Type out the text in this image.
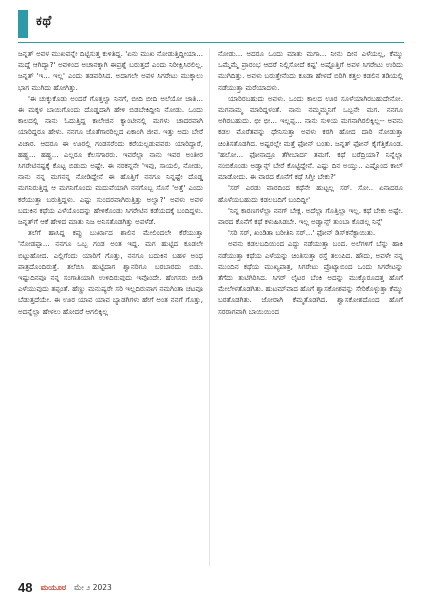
ಕಥೆ

ಜನ್ನತ್‌ ಅವಳ ಮುಖವನ್ನೇ ದಿಟ್ಟಿಸುತ್ತ ಕುಳಿತಿದ್ದ. 'ಏನು ಮುಖ ನೋಡುತ್ತಿದ್ದೀಯಾ... ಮದ್ದೆ ಆಗಿದ್ಯಾ?' ಅವಳಿಂದ ಅಚಾನಕ್ಕಾಗಿ ಈಪ್ರಶ್ನೆ ಬರುತ್ತದೆ ಎಂದು ನಿರೀಕ್ಷಿಸಿರಲಿಲ್ಲ. ಜನ್ನತ್‌ 'ಇ... ಇಲ್ಲ' ಎಂದು ತಡವರಿಸಿದ. ಅದಾಗಲೇ ಅವಳ ಸಿಗರೇಟು ಮುಕ್ಕಾಲು ಭಾಗ ಮುಗಿದು ಹೋಗಿತ್ತು.

'ಈ ಚುಕ್ಕುಕೊಡು ಅಂದರೆ ಗೊತ್ತಲ್ವಾ ನಿನಗೆ, ಬೀದಿ ಬೀದಿ ಅಲೆಯೋ ಜಾತಿ... ಈ ಮಕ್ಕಳ ಬಾಯಿಗೊಂದು ದೊಡ್ಡದಾಗಿ ಹೇಳಿ ಬಿಡಬೇಕಿದ್ದೀನಿ ನೋಡು. ಒಂದು ಕಾಲದಲ್ಲಿ ನಾನು ಓದುತ್ತಿದ್ದ ಕಾಲೇಜಿನ ಕ್ಯಾಂಟೀನಲ್ಲಿ ಮಗಳು ಚಾದರವಾಗಿ ಯಾರಿದ್ದರೂ ಹೇಳು. ನನಗೂ ಜೊತೆಗಾರರಿಲ್ಲದ ಏಕಾಂಗಿ ಜೀವ. ಇತ್ತು ಅದು ಬೇರೆ ವಿಚಾರ. ಆದರೂ ಈ ಊರಲ್ಲಿ ಗಂಡಸರೆಂದು ಕರೆಯಲ್ಪಡುವವರು ಯಾರಿದ್ದಾರೆ, ಹಹ್ಹ... ಹಹ್ಹ... ಎಲ್ಲರೂ ಕೆಲಸಗಾರರು. ಇವರೆಲ್ಲಾ ನಾನು ಇವರ ಅಂತೀರ ಸಿಗರೇಟಿನಷ್ಟಕ್ಕೆ ಕೊಟ್ಟ ಬಿಡುದು ಅಷ್ಟೇ. ಈ ನರಕನ್ನನೇ 'ಇವು, ಸಾಯಲಿ, ನೋಡು, ನಾನು ನನ್ನ ಮಗನನ್ನ ನೋಡಿದ್ದೇನೆ ಈ ಹೊತ್ತಿಗೆ ನನಗೂ ನಿನ್ನಷ್ಟೇ ದೊಡ್ಡ ಮಗನಿರುತ್ತಿದ್ದ ಆ ಮಗನಿಗೊಂದು ಮದುವೆಯಾಗಿ ನನಗೊಬ್ಬ ಸೊಸೆ 'ಅತ್ತೆ' ಎಂದು ಕರೆಯುತ್ತಾ ಬರುತ್ತಿದ್ದಳು. ಎಷ್ಟು ಸುಂದರವಾಗಿರುತ್ತಿತ್ತು ಅಲ್ವಾ?' ಅವಳು ಅವಳ ಬದುಕಿನ ಕಥೆಯ ಎಳೆಯೊಂದನ್ನು ಹೇಳಿಕೊಂಡು ಸಿಗರೇಟಿನ ಕಡೆಯದಕ್ಕೆ ಬಂದಿದ್ದಳು. ಜನ್ನತ್‌ಗೆ ಆಕೆ ಹೇಳಿದ ಮಾತು ನಿಜ ಅನಿಸತೊಡಗಿತ್ತು ಅವಳೆಡೆ.

ತಲೆಗೆ ಹಾಸಿದ್ದ ಕಪ್ಪು ಬುರ್ಖಾದ ಶಾಲಿನ ಮೇಲಿಂದಲೇ ಕೆರೆಯುತ್ತಾ 'ನೋಡಪ್ಪಾ... ನನಗೂ ಒಬ್ಬ ಗಂಡ ಅಂತ ಇದ್ದ. ಮಗ ಹುಟ್ಟಿದ ಕೂಡಲೇ ಬಿಟ್ಟುಹೋದ. ಎಲ್ಲಿಗೆಂದು ಯಾರಿಗೆ ಗೊತ್ತು, ನನಗೂ ಬದುಕಿನ ಬಹಳ ಅಂಧ ಪಾತ್ರದೊಂದಿರುತ್ತೆ. ತಲೆಬಿಸಿ ಹುಟ್ಟಿದಾಗ ಶ್ವಾನರಿಗೂ ಬರಬಾರದು ಬಿಡು. ಇಷ್ಟುದಿನವೂ ನನ್ನ ಸಂಗಾತಿಯಾಗಿ ಉಳಿದಿರುವುದು ಇವೊಂದೇ. ಹೆಂಗಸರು ಬೀಡಿ ಎಳೆಯುವುದು ತಪ್ಪಂತೆ. ಹೆಣ್ಣು ಮನುಷ್ಯರೇ ಸರಿ ಇಲ್ಲದಿರುವಾಗ ನಮಗಿಂತಾ ಚಟವೂ ಬೆಡುತ್ತದೆಯೇ. ಈ ಊರ ಯಾವ ಯಾವ ಬ್ಯಾಡಗಿಗಳು ಹೇಗೆ ಅಂತ ನನಗೆ ಗೊತ್ತು, ಅದನ್ನೆಲ್ಲಾ ಹೇಳಲು ಹೋದರೆ ಆಗಲಿಕ್ಕಿಲ್ಲ

ನೋಡು... ಅದರೂ ಒಂದು ಮಾತು ಮಗಾ... ನೀನು ದೀನ ಎಳೆಯಲ್ಲ, ಕೆಮ್ಮು ಒಮ್ಮೆಮ್ಮೆ ಪ್ರಾರಂಭ ಆದರೆ ನಿಲ್ಲಿಸೋದೆ ಕಷ್ಟ' ಅಷ್ಟೊತ್ತಿಗೆ ಅವಳ ಸಿಗರೇಟು ಉರಿದು ಮುಗಿದಿತ್ತು. ಅವಳು ಬರುತ್ತೇನೆಂದು ಕೂಡಾ ಹೇಳದೆ ಬಿರಿಗಿ ಕತ್ತಲ ಕಡಲಿನ ತಡಿಯಲ್ಲಿ ನಡೆಯುತ್ತಾ ಮರೆಯಾದಳು.

ಯಾರಿರಬಹುದು ಅವಳು. ಒಂದು ಕಾಲದ ಊರ ಸೂಳೆಯಾಗಿರಬಹುದೇನೋ. ಮಗನಾಮ್ಮ ಮಾರಿದ್ದಳಂತೆ. ನಾನು ನಮ್ಮಮ್ಮನಿಗೆ ಒಬ್ಬನೇ ಮಗ. ನನಗೂ ಅಗಿರಬಹುದು. ಛೀ ಛೀ... ಇಲ್ಲಪ್ಪ... ನಾನು ಸುಳಿಯ ಮಗನಾಗಿರಲಿಕ್ಕಿಲ್ಲ-- ಅವನು ಕಡಲ ಮೊರೆತವನ್ನು ಧೇನಿಸುತ್ತಾ ಅವಳು ಕರಗಿ ಹೋದ ದಾರಿ ನೋಡುತ್ತಾ ಚಿಂತಿಸತೊಡಗಿದ. ಅಷ್ಟರಲ್ಲೇ ಮತ್ತೆ ಫೋನ್ ಬಂತು. ಜನ್ನತ್‌ ಫೋನ್ ಕೈಗೆತ್ತಿಕೊಂಡ. 'ಹಲೋ... ಫೋನಾದ್ರೂ ತೆಗೀಬಾರ್ದ ತಮಗೆ. ಕಥೆ ಬರೆದ್ರಿಯಾ? ನಿನ್ನೆಲ್ಲಾ ನಂಬಿಕೊಂಡು ಅಡ್ವಾನ್ಸ್ ಬೇರೆ ಕೊಟ್ಟಿದ್ದೇನೆ. ಎಷ್ಟು ದಿನ ಅಯ್ತು.. ಎಷ್ಟೊಂದ ಕಾಲ್ ಮಾಡೋದು. ಈ ವಾರದ ಕೊನೆಗೆ ಕಥೆ ಸಿಗ್ತೀ ಬೇಕು?'

'ಸರ್ ಎರಡು ವಾರದಿಂದ ಕಥೆನೇ ಹುಟ್ಟಲ್ಲ ಸರ್. ಸೋ.. ಏನಾದರೂ ಹೊಳೆಯಬಹುದು ಕಡಲಬದಿಗೆ ಬಂದಿದ್ದೀ'

'ನಿನ್ನ ಕಾರಣಗಳೆಲ್ಲಾ ನನಗ್ ಬೇಕ್ಲ. ಅದೆಲ್ಲಾ ಗೊತ್ತಿಲ್ಲಾ ಇಲ್ಲ. ಕಥೆ ಬೇಕು ಅಷ್ಟೇ. ವಾರದ ಕೊನೆಗೆ ಕಥೆ ಕಳುಹಿಸಿಡಬೇ. ಇಲ್ಲ ಅಡ್ವಾನ್ಸ್ ತುಂಬಾ ಕೊಡಲ್ಲ ನಿನ್ಗೆ'

'ಸರಿ ಸರ್, ಖಂಡಿತಾ ಬರೀತಿನಿ ಸರ್...' ಫೋನ್ ಡಿಸ್‌ಕನೆಕ್ಟಾಯಿತು.

ಅವನು ಕಡಲಬದಿಯಿಂದ ಎದ್ದು ನಡೆಯುತ್ತಾ ಬಂದ. ಅಲೆಗಳಿಗೆ ಬೆನ್ನು ಹಾಕಿ ನಡೆಯುತ್ತಾ ಕಥೆಯ ಎಳೆಯನ್ನು ಚಿಂತಿಸುತ್ತಾ ರಸ್ತೆ ತಲುಪಿದ. ಹೌದು, ಅವಳೇ ನನ್ನ ಮುಂದಿನ ಕಥೆಯ ಮುಖ್ಯಪಾತ್ರ, ಸಿಗರೇಟು ಪ್ರೊಟ್ಯಾಬಿಂದ ಒಂದು ಸಿಗರೇಟನ್ನು ತೆಗೆದು ತುಟಿಗಿರಿಸಿದ. ಸಿಗರ್ ಲೈಟರ ಬೆಂಕಿ ಅದನ್ನು ಮುಕ್ಕೊರೂದತ್ತ ಹೊಗೆ ಮೇಲೇಳತೊಡಗಿತು. ಹುಟಮ್‌ವಾದ ಹೊಗೆ ಶ್ವಾಸಕೋಶವನ್ನು ಸೇರಿಕೊಳ್ಳುತ್ತಾ ಕೆಮ್ಮು ಬರತೊಡಗಿತು. ಜೋರಾಗಿ ಕೆಮ್ಮತೊಡಗಿದ. ಶ್ವಾಸಕೋಶದೊಂದ ಹೊಗೆ ಸರರಾಗವಾಗಿ ಬಾಯಿಯಿಂದ

48 ಮಯೂರ ಮೇ ೨ 2023
